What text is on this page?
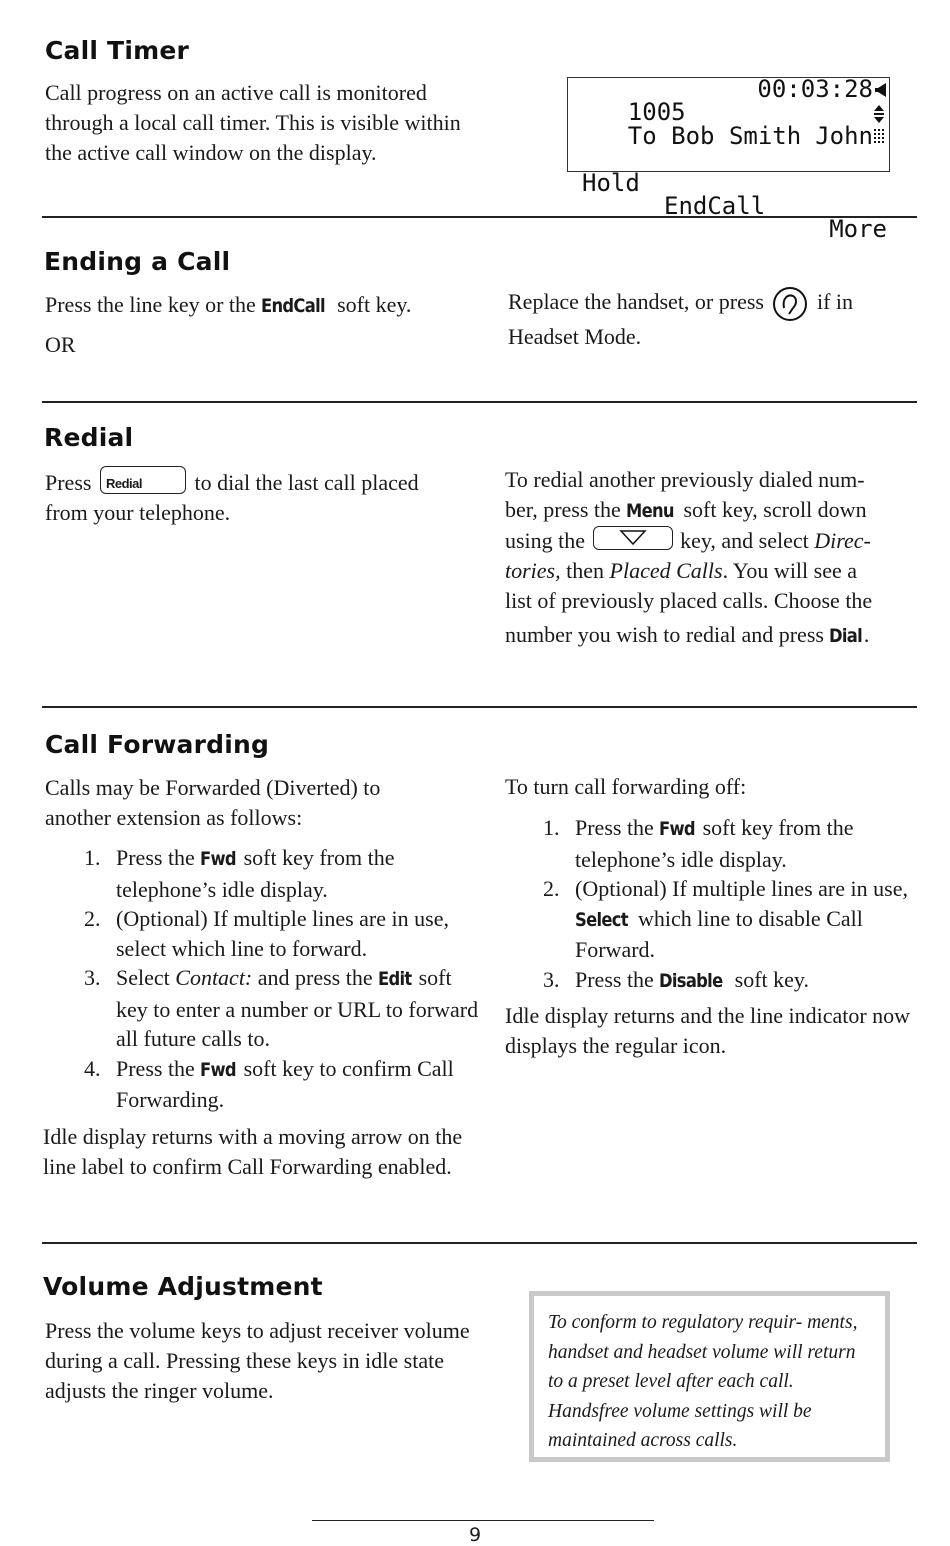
Call Timer

Call progress on an active call is monitored through a local call timer. This is visible within the active call window on the display.

1005

00:03:28

To Bob Smith

John

Hold

EndCall

More

Ending a Call

Press the line key or the EndCall soft key.

OR

Replace the handset, or press if in
Headset Mode.

Redial

Press Redial to dial the last call placed
from your telephone.

To redial another previously dialed num-
ber, press the Menu soft key, scroll down
using the	key, and select Direc-
tories, then Placed Calls. You will see a
list of previously placed calls. Choose the
number you wish to redial and press Dial.
Call Forwarding

Calls may be Forwarded (Diverted) to another extension as follows:

1. Press the Fwd soft key from the telephone’s idle display.
2. (Optional) If multiple lines are in use, select which line to forward.
3. Select Contact: and press the Edit soft key to enter a number or URL to forward all future calls to.
4. Press the Fwd soft key to confirm Call Forwarding.

Idle display returns with a moving arrow on the line label to confirm Call Forwarding enabled.

To turn call forwarding off:

1. Press the Fwd soft key from the telephone’s idle display.
2. (Optional) If multiple lines are in use, Select which line to disable Call Forward.
3. Press the Disable soft key.

Idle display returns and the line indicator now displays the regular icon.

Volume Adjustment

Press the volume keys to adjust receiver volume during a call. Pressing these keys in idle state adjusts the ringer volume.

To conform to regulatory requir- ments, handset and headset volume will return to a preset level after each call. Handsfree volume settings will be maintained across calls.
9
